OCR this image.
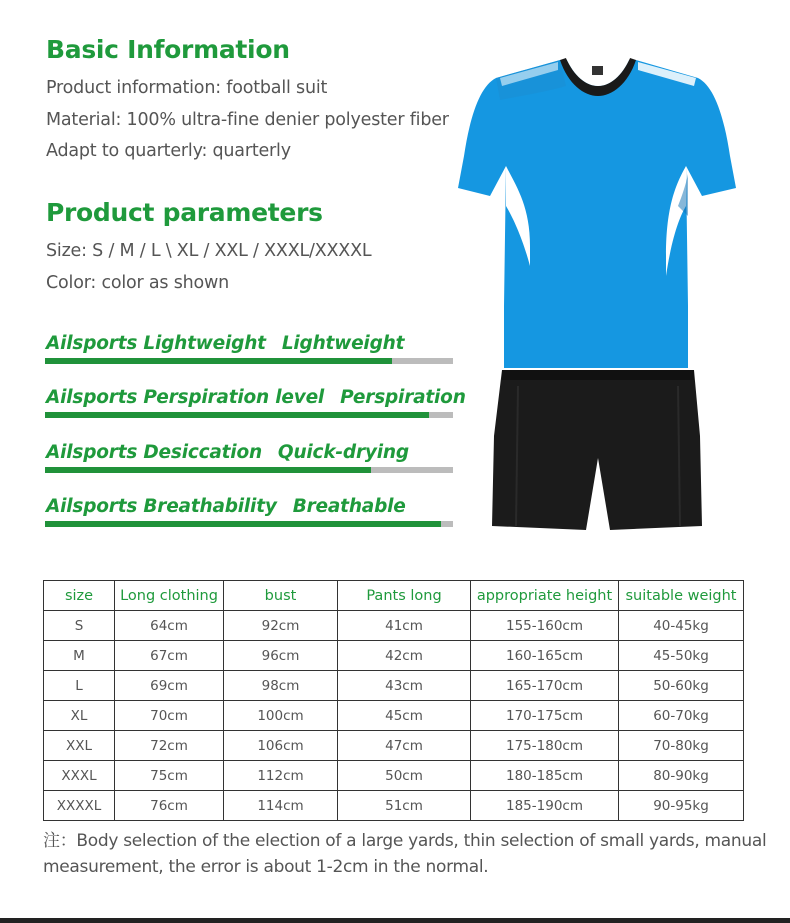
Basic Information
Product information: football suit
Material: 100% ultra-fine denier polyester fiber
Adapt to quarterly: quarterly
Product parameters
Size: S / M / L \ XL / XXL / XXXL/XXXXL
Color: color as shown
Ailsports Lightweight Lightweight
Ailsports Perspiration level Perspiration
Ailsports Desiccation Quick-drying
Ailsports Breathability Breathable
size	Long clothing	bust	Pants long	appropriate height	suitable weight
S	64cm	92cm	41cm	155-160cm	40-45kg
M	67cm	96cm	42cm	160-165cm	45-50kg
L	69cm	98cm	43cm	165-170cm	50-60kg
XL	70cm	100cm	45cm	170-175cm	60-70kg
XXL	72cm	106cm	47cm	175-180cm	70-80kg
XXXL	75cm	112cm	50cm	180-185cm	80-90kg
XXXXL	76cm	114cm	51cm	185-190cm	90-95kg
注：Body selection of the election of a large yards, thin selection of small yards, manual measurement, the error is about 1-2cm in the normal.
